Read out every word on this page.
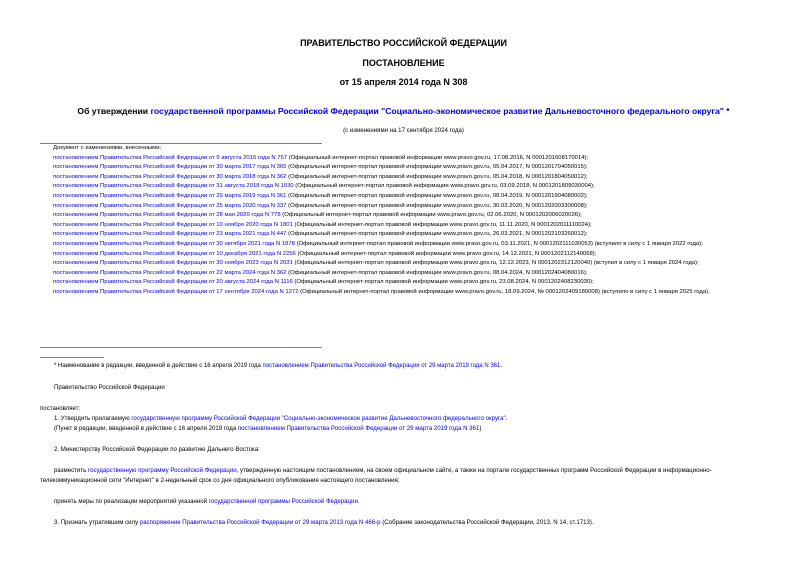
ПРАВИТЕЛЬСТВО РОССИЙСКОЙ ФЕДЕРАЦИИ
ПОСТАНОВЛЕНИЕ
от 15 апреля 2014 года N 308
Об утверждении государственной программы Российской Федерации "Социально-экономическое развитие Дальневосточного федерального округа" *
(с изменениями на 17 сентября 2024 года)
Документ с изменениями, внесенными:
постановлением Правительства Российской Федерации от 9 августа 2016 года N 757 (Официальный интернет-портал правовой информации www.pravo.gov.ru, 17.08.2016, N 0001201608170014);
постановлением Правительства Российской Федерации от 30 марта 2017 года N 365 (Официальный интернет-портал правовой информации www.pravo.gov.ru, 05.04.2017, N 0001201704050015);
постановлением Правительства Российской Федерации от 30 марта 2018 года N 362 (Официальный интернет-портал правовой информации www.pravo.gov.ru, 05.04.2018, N 0001201804050012);
постановлением Правительства Российской Федерации от 31 августа 2018 года N 1030 (Официальный интернет-портал правовой информации www.pravo.gov.ru, 03.09.2018, N 0001201809030004);
постановлением Правительства Российской Федерации от 29 марта 2019 года N 361 (Официальный интернет-портал правовой информации www.pravo.gov.ru, 08.04.2019, N 0001201904080002);
постановлением Правительства Российской Федерации от 25 марта 2020 года N 337 (Официальный интернет-портал правовой информации www.pravo.gov.ru, 30.03.2020, N 0001202003300008);
постановлением Правительства Российской Федерации от 28 мая 2020 года N 778 (Официальный интернет-портал правовой информации www.pravo.gov.ru, 02.06.2020, N 0001202006020026);
постановлением Правительства Российской Федерации от 10 ноября 2020 года N 1801 (Официальный интернет-портал правовой информации www.pravo.gov.ru, 11.11.2020, N 0001202011110024);
постановлением Правительства Российской Федерации от 23 марта 2021 года N 447 (Официальный интернет-портал правовой информации www.pravo.gov.ru, 26.03.2021, N 0001202103260012);
постановлением Правительства Российской Федерации от 30 октября 2021 года N 1878 (Официальный интернет-портал правовой информации www.pravo.gov.ru, 03.11.2021, N 0001202111030053) (вступило в силу с 1 января 2022 года);
постановлением Правительства Российской Федерации от 10 декабря 2021 года N 2256 (Официальный интернет-портал правовой информации www.pravo.gov.ru, 14.12.2021, N 0001202112140068);
постановлением Правительства Российской Федерации от 30 ноября 2023 года N 2031 (Официальный интернет-портал правовой информации www.pravo.gov.ru, 12.12.2023, N 0001202312120040) (вступил в силу с 1 января 2024 года);
постановлением Правительства Российской Федерации от 22 марта 2024 года N 362 (Официальный интернет-портал правовой информации www.pravo.gov.ru, 08.04.2024, N 0001202404080016);
постановлением Правительства Российской Федерации от 20 августа 2024 года N 1116 (Официальный интернет-портал правовой информации www.pravo.gov.ru, 23.08.2024, N 0001202408230030);
постановлением Правительства Российской Федерации от 17 сентября 2024 года N 1272 (Официальный интернет-портал правовой информации www.pravo.gov.ru, 18.09.2024, № 0001202409180008) (вступило в силу с 1 января 2025 года).
* Наименование в редакции, введенной в действие с 16 апреля 2019 года постановлением Правительства Российской Федерации от 29 марта 2019 года N 361.
Правительство Российской Федерации
постановляет:
1. Утвердить прилагаемую государственную программу Российской Федерации "Социально-экономическое развитие Дальневосточного федерального округа".
(Пункт в редакции, введенной в действие с 16 апреля 2019 года постановлением Правительства Российской Федерации от 29 марта 2019 года N 361)
2. Министерству Российской Федерации по развитию Дальнего Востока:
разместить государственную программу Российской Федерации, утвержденную настоящим постановлением, на своем официальном сайте, а также на портале государственных программ Российской Федерации в информационно-телекоммуникационной сети "Интернет" в 2-недельный срок со дня официального опубликования настоящего постановления;
принять меры по реализации мероприятий указанной государственной программы Российской Федерации.
3. Признать утратившим силу распоряжение Правительства Российской Федерации от 29 марта 2013 года N 466-р (Собрание законодательства Российской Федерации, 2013, N 14, ст.1713).
